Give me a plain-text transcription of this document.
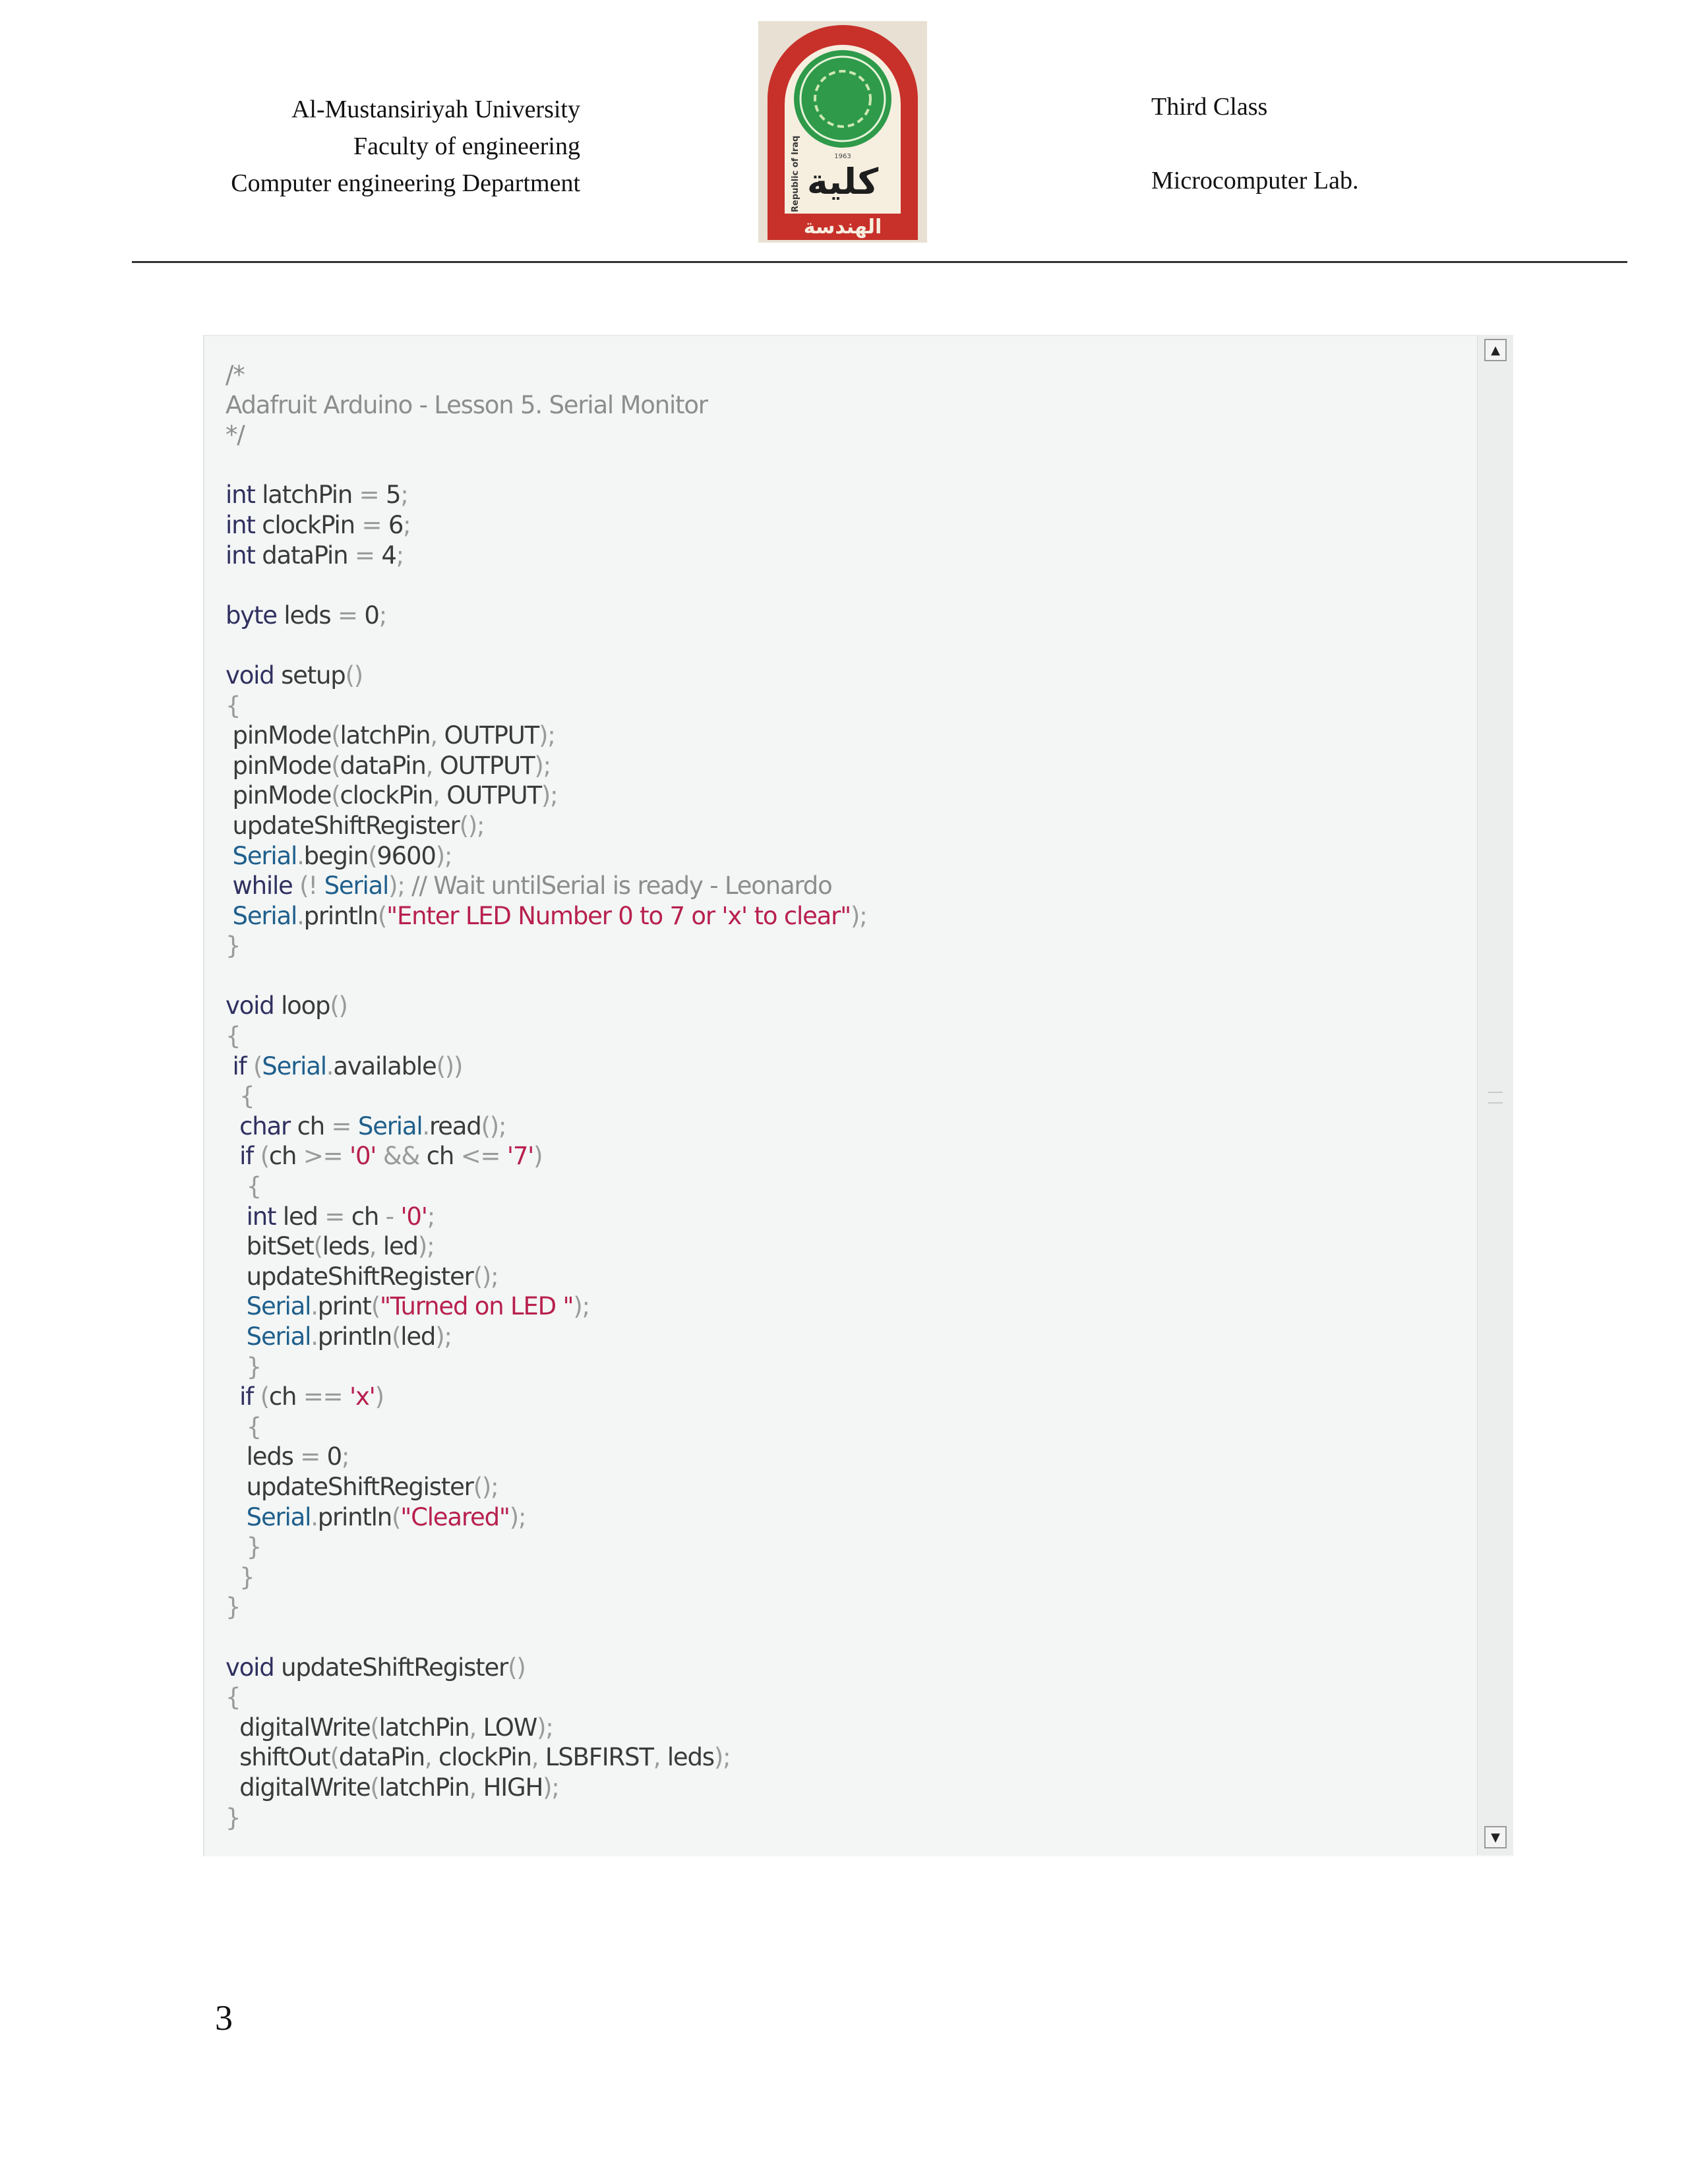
Al-Mustansiriyah University
Faculty of engineering
Computer engineering Department
1963
كلية
Republic of Iraq
الهندسة
Third Class
Microcomputer Lab.
/*
Adafruit Arduino - Lesson 5. Serial Monitor
*/

int latchPin = 5;
int clockPin = 6;
int dataPin = 4;

byte leds = 0;

void setup()
{
pinMode(latchPin, OUTPUT);
pinMode(dataPin, OUTPUT);
pinMode(clockPin, OUTPUT);
updateShiftRegister();
Serial.begin(9600);
while (! Serial); // Wait untilSerial is ready - Leonardo
Serial.println("Enter LED Number 0 to 7 or 'x' to clear");
}

void loop()
{
if (Serial.available())
{
char ch = Serial.read();
if (ch >= '0' && ch <= '7')
{
int led = ch - '0';
bitSet(leds, led);
updateShiftRegister();
Serial.print("Turned on LED ");
Serial.println(led);
}
if (ch == 'x')
{
leds = 0;
updateShiftRegister();
Serial.println("Cleared");
}
}
}

void updateShiftRegister()
{
digitalWrite(latchPin, LOW);
shiftOut(dataPin, clockPin, LSBFIRST, leds);
digitalWrite(latchPin, HIGH);
}
▲
▼
3
